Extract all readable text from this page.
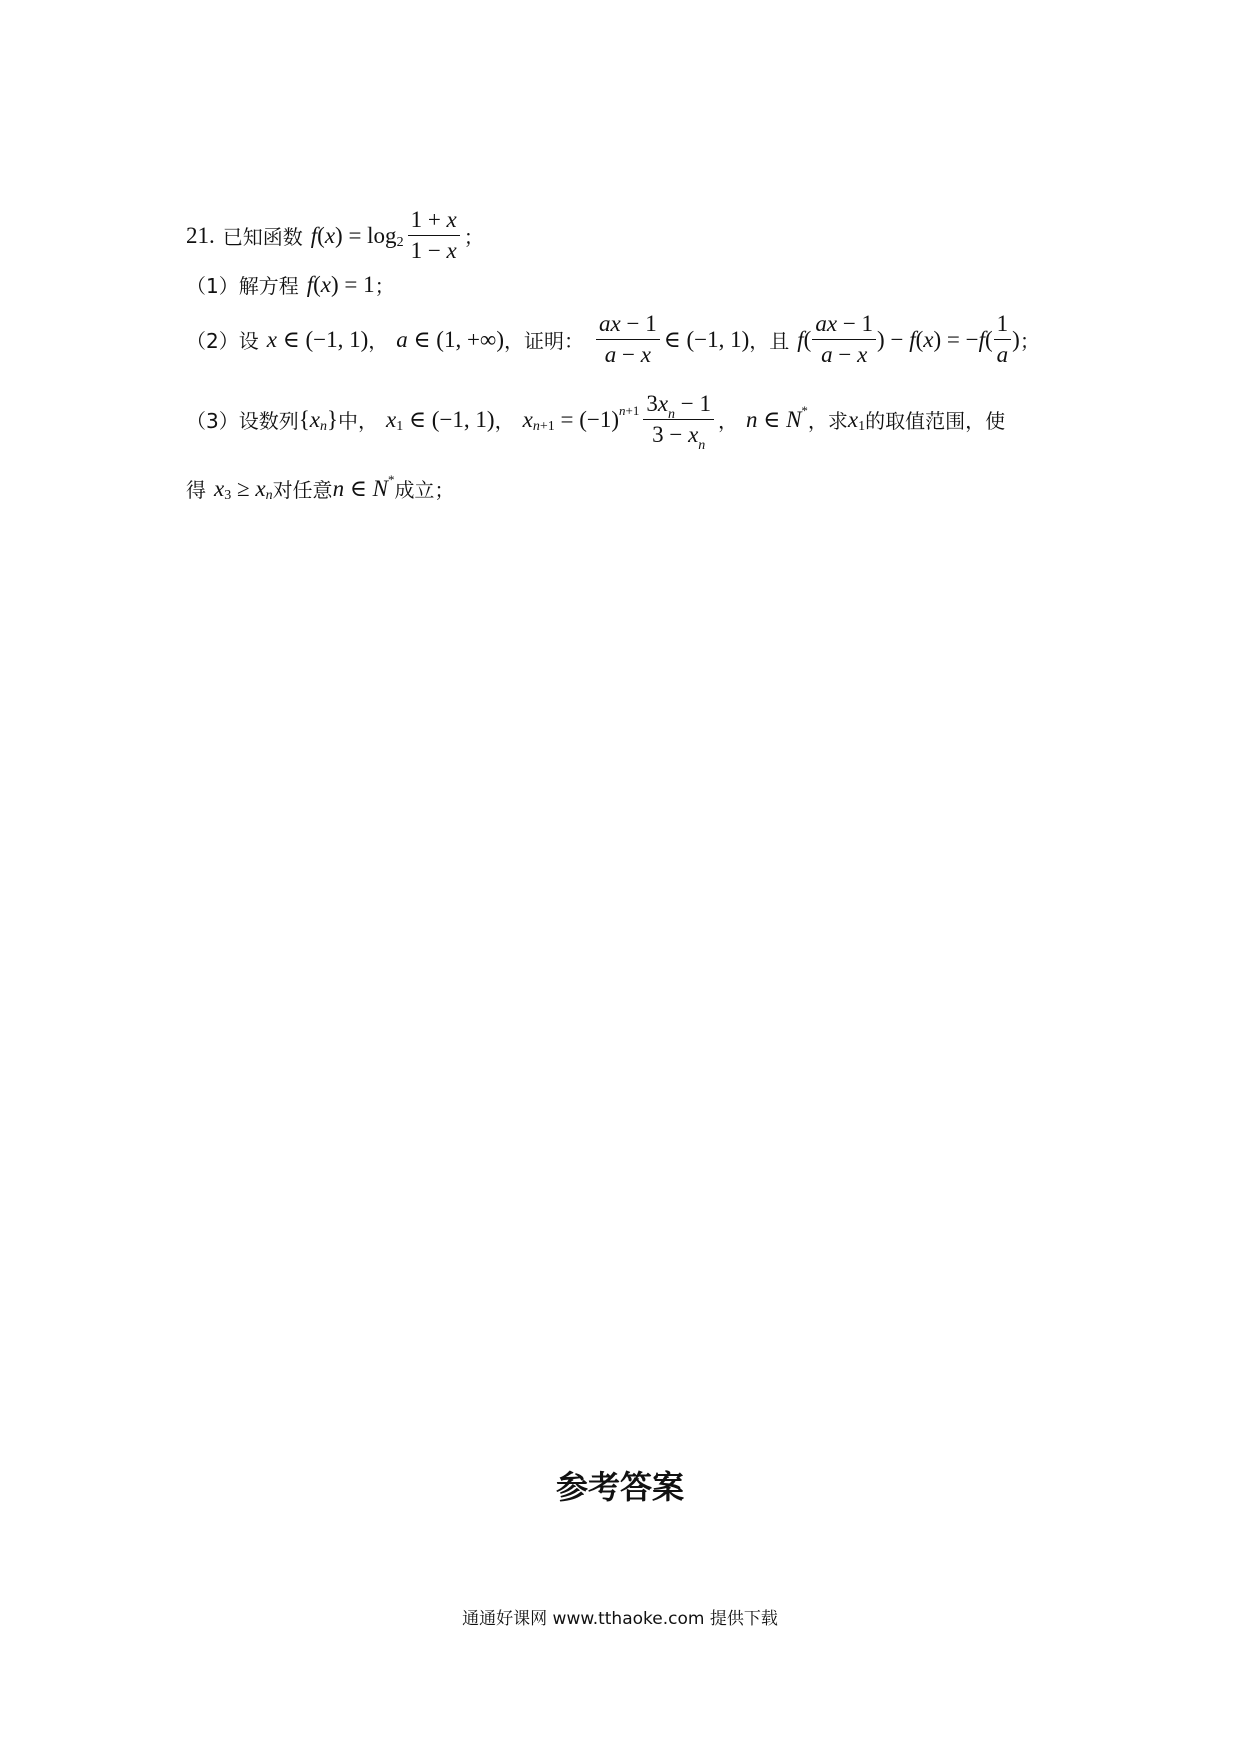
21. 已知函数 f ( x ) = $\log 2 \frac{1 + x}{1 - x}$ ；
（1）解方程 f ( x ) = 1 ；
（2）设 x ∈ (−1, 1) ， a ∈ (1, +∞) ，证明： $\frac{ax - 1}{a - x}$ ∈ (−1, 1) ，且 f ( $\frac{ax - 1}{a - x}$ ) − f ( x ) = − f ( $\frac{1}{a}$ ) ；
（3）设数列 { x n } 中， x 1 ∈ (−1, 1) ， x n +1 = (−1) $n +1 \frac{3x_n - 1}{3 - x_n}$ ， n ∈ N * ，求 x 1 的取值范围，使
得 x 3 ≥ x n 对任意 n ∈ N * 成立；
参考答案
通通好课网 www.tthaoke.com 提供下载
